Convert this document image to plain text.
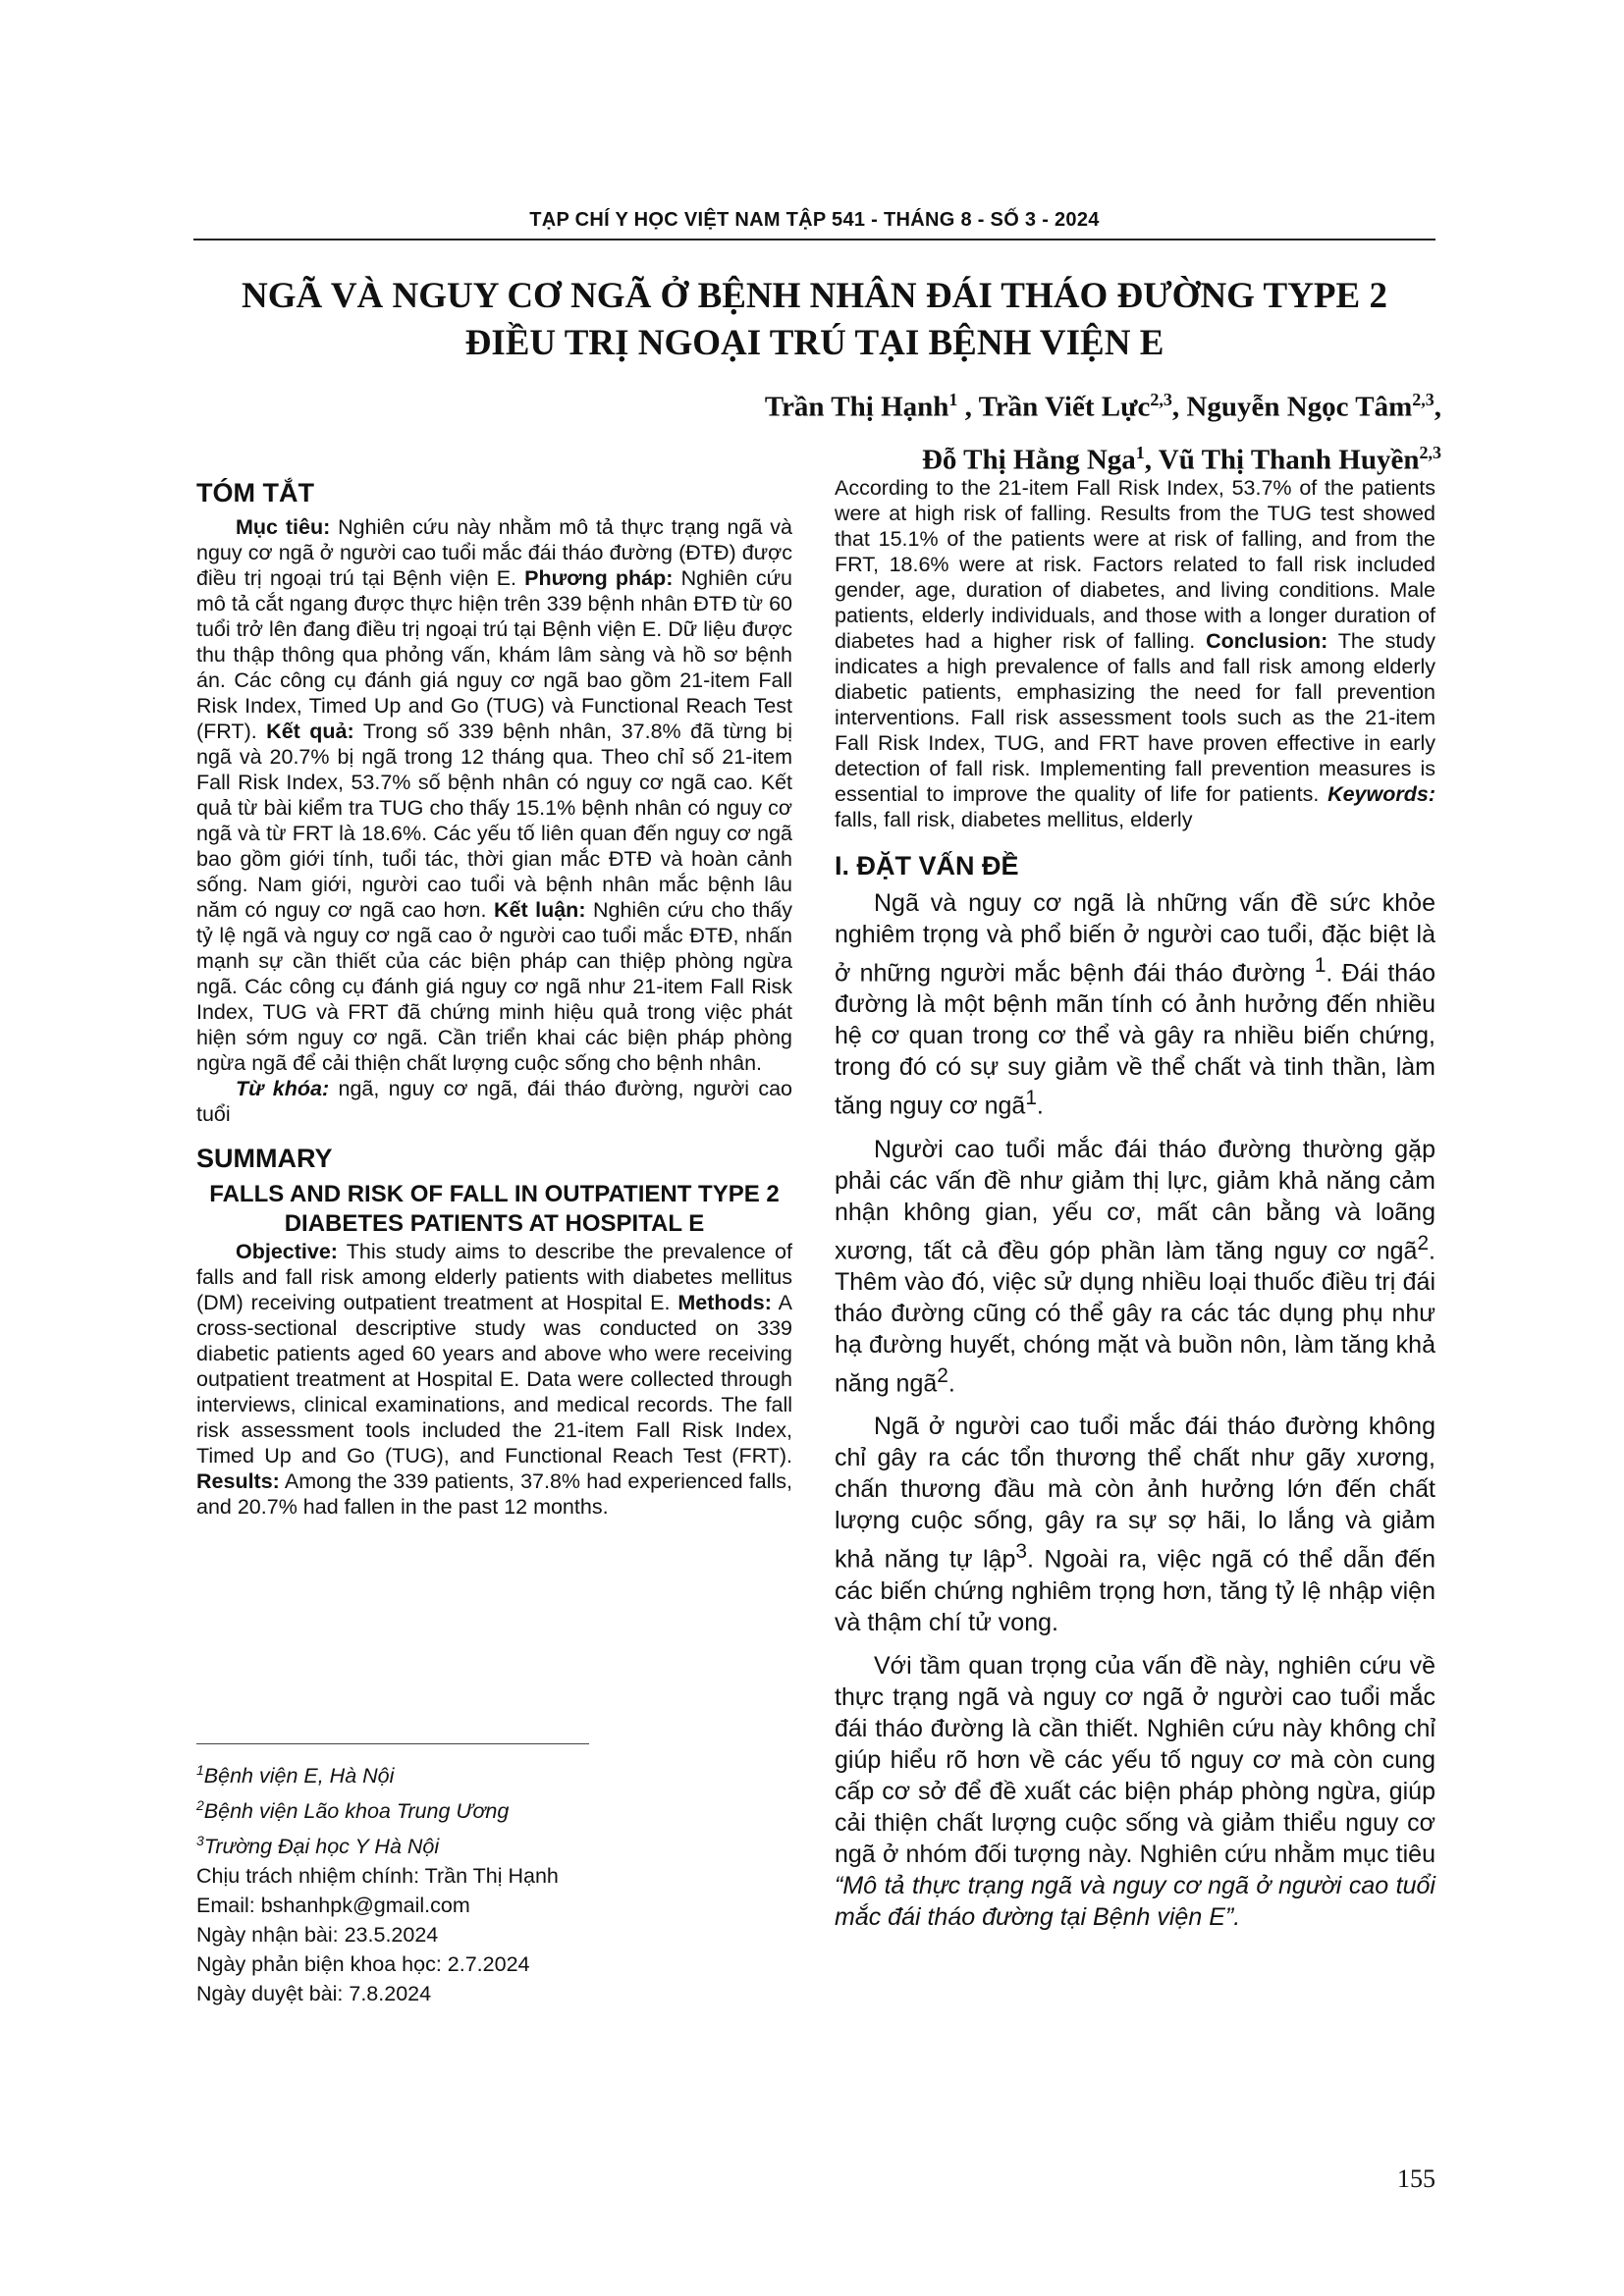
TẠP CHÍ Y HỌC VIỆT NAM TẬP 541 - THÁNG 8 - SỐ 3 - 2024
NGÃ VÀ NGUY CƠ NGÃ Ở BỆNH NHÂN ĐÁI THÁO ĐƯỜNG TYPE 2
ĐIỀU TRỊ NGOẠI TRÚ TẠI BỆNH VIỆN E
Trần Thị Hạnh$^1$ , Trần Viết Lực$^{2,3}$, Nguyễn Ngọc Tâm$^{2,3}$,
Đỗ Thị Hằng Nga$^1$, Vũ Thị Thanh Huyền$^{2,3}$
TÓM TẮT

Mục tiêu: Nghiên cứu này nhằm mô tả thực trạng ngã và nguy cơ ngã ở người cao tuổi mắc đái tháo đường (ĐTĐ) được điều trị ngoại trú tại Bệnh viện E. Phương pháp: Nghiên cứu mô tả cắt ngang được thực hiện trên 339 bệnh nhân ĐTĐ từ 60 tuổi trở lên đang điều trị ngoại trú tại Bệnh viện E. Dữ liệu được thu thập thông qua phỏng vấn, khám lâm sàng và hồ sơ bệnh án. Các công cụ đánh giá nguy cơ ngã bao gồm 21-item Fall Risk Index, Timed Up and Go (TUG) và Functional Reach Test (FRT). Kết quả: Trong số 339 bệnh nhân, 37.8% đã từng bị ngã và 20.7% bị ngã trong 12 tháng qua. Theo chỉ số 21-item Fall Risk Index, 53.7% số bệnh nhân có nguy cơ ngã cao. Kết quả từ bài kiểm tra TUG cho thấy 15.1% bệnh nhân có nguy cơ ngã và từ FRT là 18.6%. Các yếu tố liên quan đến nguy cơ ngã bao gồm giới tính, tuổi tác, thời gian mắc ĐTĐ và hoàn cảnh sống. Nam giới, người cao tuổi và bệnh nhân mắc bệnh lâu năm có nguy cơ ngã cao hơn. Kết luận: Nghiên cứu cho thấy tỷ lệ ngã và nguy cơ ngã cao ở người cao tuổi mắc ĐTĐ, nhấn mạnh sự cần thiết của các biện pháp can thiệp phòng ngừa ngã. Các công cụ đánh giá nguy cơ ngã như 21-item Fall Risk Index, TUG và FRT đã chứng minh hiệu quả trong việc phát hiện sớm nguy cơ ngã. Cần triển khai các biện pháp phòng ngừa ngã để cải thiện chất lượng cuộc sống cho bệnh nhân.

Từ khóa: ngã, nguy cơ ngã, đái tháo đường, người cao tuổi

SUMMARY
FALLS AND RISK OF FALL IN OUTPATIENT TYPE 2 DIABETES PATIENTS AT HOSPITAL E

Objective: This study aims to describe the prevalence of falls and fall risk among elderly patients with diabetes mellitus (DM) receiving outpatient treatment at Hospital E. Methods: A cross-sectional descriptive study was conducted on 339 diabetic patients aged 60 years and above who were receiving outpatient treatment at Hospital E. Data were collected through interviews, clinical examinations, and medical records. The fall risk assessment tools included the 21-item Fall Risk Index, Timed Up and Go (TUG), and Functional Reach Test (FRT). Results: Among the 339 patients, 37.8% had experienced falls, and 20.7% had fallen in the past 12 months.

$^1$Bệnh viện E, Hà Nội
$^2$Bệnh viện Lão khoa Trung Ương
$^3$Trường Đại học Y Hà Nội
Chịu trách nhiệm chính: Trần Thị Hạnh
Email: bshanhpk@gmail.com
Ngày nhận bài: 23.5.2024
Ngày phản biện khoa học: 2.7.2024
Ngày duyệt bài: 7.8.2024

According to the 21-item Fall Risk Index, 53.7% of the patients were at high risk of falling. Results from the TUG test showed that 15.1% of the patients were at risk of falling, and from the FRT, 18.6% were at risk. Factors related to fall risk included gender, age, duration of diabetes, and living conditions. Male patients, elderly individuals, and those with a longer duration of diabetes had a higher risk of falling. Conclusion: The study indicates a high prevalence of falls and fall risk among elderly diabetic patients, emphasizing the need for fall prevention interventions. Fall risk assessment tools such as the 21-item Fall Risk Index, TUG, and FRT have proven effective in early detection of fall risk. Implementing fall prevention measures is essential to improve the quality of life for patients. Keywords: falls, fall risk, diabetes mellitus, elderly

I. ĐẶT VẤN ĐỀ

Ngã và nguy cơ ngã là những vấn đề sức khỏe nghiêm trọng và phổ biến ở người cao tuổi, đặc biệt là ở những người mắc bệnh đái tháo đường $^1$. Đái tháo đường là một bệnh mãn tính có ảnh hưởng đến nhiều hệ cơ quan trong cơ thể và gây ra nhiều biến chứng, trong đó có sự suy giảm về thể chất và tinh thần, làm tăng nguy cơ ngã$^1$.

Người cao tuổi mắc đái tháo đường thường gặp phải các vấn đề như giảm thị lực, giảm khả năng cảm nhận không gian, yếu cơ, mất cân bằng và loãng xương, tất cả đều góp phần làm tăng nguy cơ ngã$^2$. Thêm vào đó, việc sử dụng nhiều loại thuốc điều trị đái tháo đường cũng có thể gây ra các tác dụng phụ như hạ đường huyết, chóng mặt và buồn nôn, làm tăng khả năng ngã$^2$.

Ngã ở người cao tuổi mắc đái tháo đường không chỉ gây ra các tổn thương thể chất như gãy xương, chấn thương đầu mà còn ảnh hưởng lớn đến chất lượng cuộc sống, gây ra sự sợ hãi, lo lắng và giảm khả năng tự lập$^3$. Ngoài ra, việc ngã có thể dẫn đến các biến chứng nghiêm trọng hơn, tăng tỷ lệ nhập viện và thậm chí tử vong.

Với tầm quan trọng của vấn đề này, nghiên cứu về thực trạng ngã và nguy cơ ngã ở người cao tuổi mắc đái tháo đường là cần thiết. Nghiên cứu này không chỉ giúp hiểu rõ hơn về các yếu tố nguy cơ mà còn cung cấp cơ sở để đề xuất các biện pháp phòng ngừa, giúp cải thiện chất lượng cuộc sống và giảm thiểu nguy cơ ngã ở nhóm đối tượng này. Nghiên cứu nhằm mục tiêu “Mô tả thực trạng ngã và nguy cơ ngã ở người cao tuổi mắc đái tháo đường tại Bệnh viện E”.

155
